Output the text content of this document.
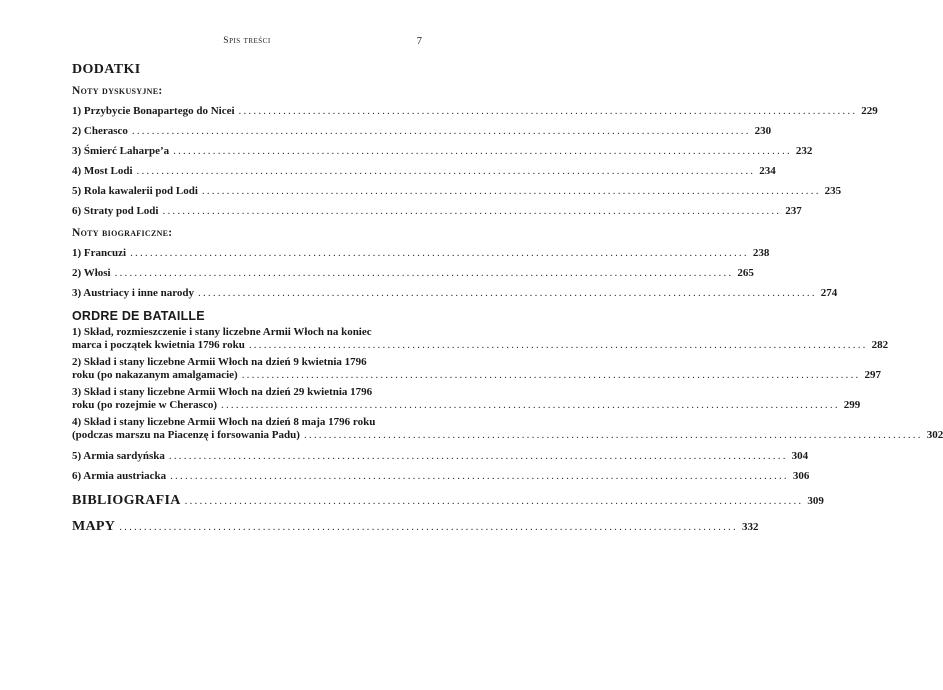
Spis treści	7
DODATKI
Noty dyskusyjne:
1) Przybycie Bonapartego do Nicei ............................................................................................................................. 229
2) Cherasco ............................................................................................................................. 230
3) Śmierć Laharpe’a ............................................................................................................................. 232
4) Most Lodi ............................................................................................................................. 234
5) Rola kawalerii pod Lodi ............................................................................................................................. 235
6) Straty pod Lodi ............................................................................................................................. 237
Noty biograficzne:
1) Francuzi ............................................................................................................................. 238
2) Włosi ............................................................................................................................. 265
3) Austriacy i inne narody ............................................................................................................................. 274
ORDRE DE BATAILLE
1) Skład, rozmieszczenie i stany liczebne Armii Włoch na koniec
marca i początek kwietnia 1796 roku ............................................................................................................................. 282
2) Skład i stany liczebne Armii Włoch na dzień 9 kwietnia 1796
roku (po nakazanym amalgamacie) ............................................................................................................................. 297
3) Skład i stany liczebne Armii Włoch na dzień 29 kwietnia 1796
roku (po rozejmie w Cherasco) ............................................................................................................................. 299
4) Skład i stany liczebne Armii Włoch na dzień 8 maja 1796 roku
(podczas marszu na Piacenzę i forsowania Padu) ............................................................................................................................. 302
5) Armia sardyńska ............................................................................................................................. 304
6) Armia austriacka ............................................................................................................................. 306
BIBLIOGRAFIA ............................................................................................................................. 309
MAPY ............................................................................................................................. 332
